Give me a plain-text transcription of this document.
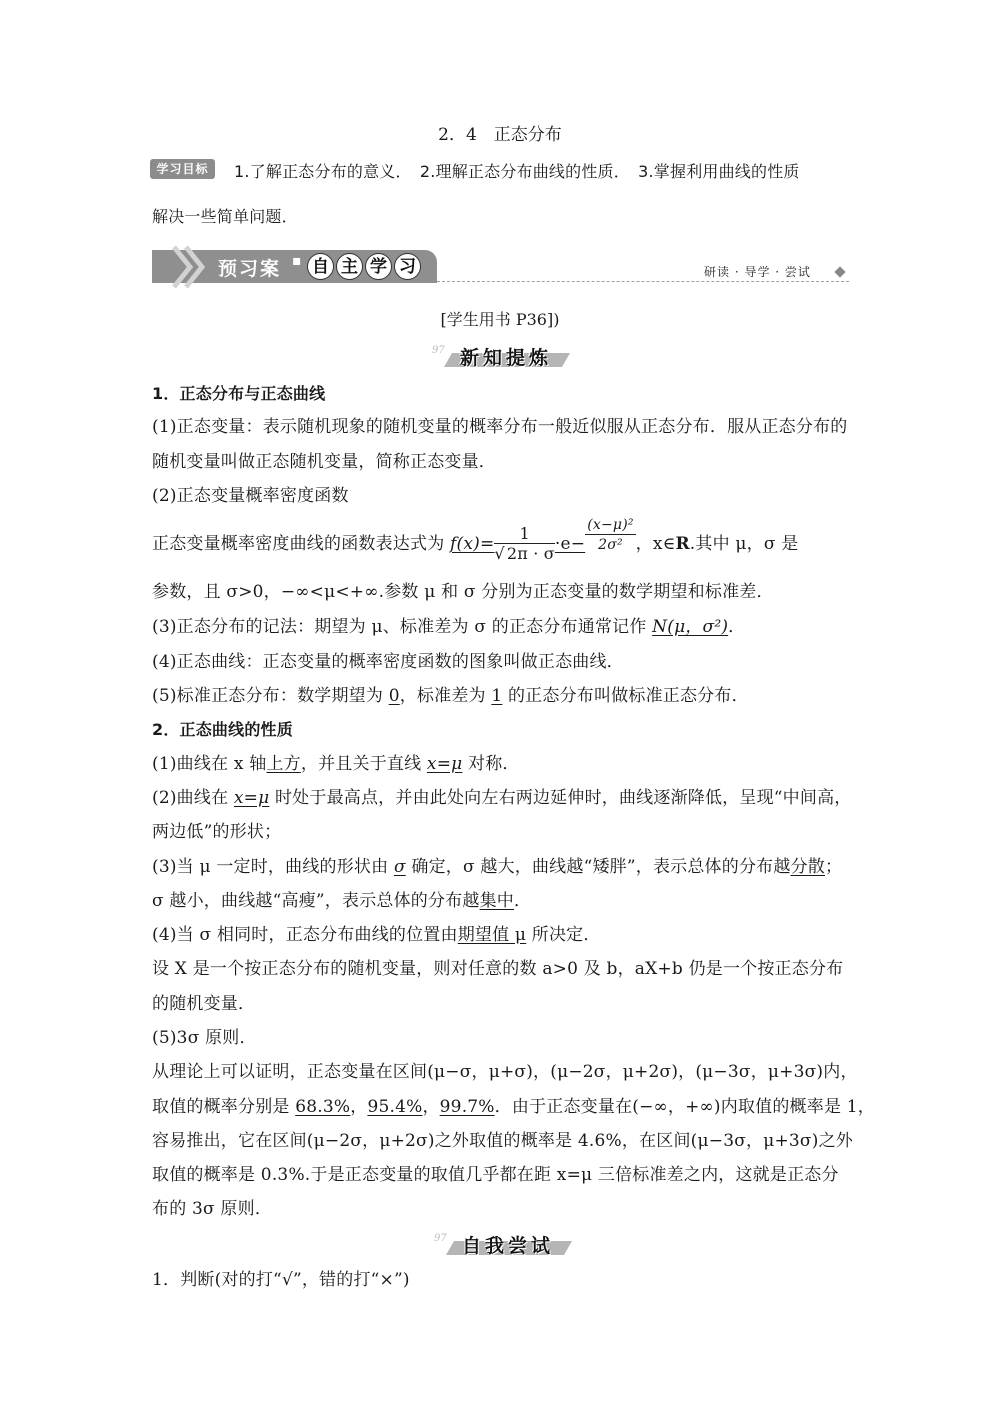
2．4　正态分布
学习目标	1.了解正态分布的意义．　2.理解正态分布曲线的性质．　3.掌握利用曲线的性质
解决一些简单问题．
预习案 ▪ 自 主 学 习	研读 · 导学 · 尝试
[学生用书 P36])
97 新知提炼
1．正态分布与正态曲线
(1)正态变量：表示随机现象的随机变量的概率分布一般近似服从正态分布．服从正态分布的
随机变量叫做正态随机变量，简称正态变量．
(2)正态变量概率密度函数
正态变量概率密度曲线的函数表达式为 $f(x)= \frac{1}{√ 2\pi \cdot \sigma} \cdot e- \frac{\text{(x−μ)²}}{\text{2σ²}}$ ，x∈R.其中 μ，σ 是
参数，且 σ>0，−∞<μ<+∞.参数 μ 和 σ 分别为正态变量的数学期望和标准差．
(3)正态分布的记法：期望为 μ、标准差为 σ 的正态分布通常记作 N(μ，σ²)．
(4)正态曲线：正态变量的概率密度函数的图象叫做正态曲线．
(5)标准正态分布：数学期望为 0，标准差为 1 的正态分布叫做标准正态分布．
2．正态曲线的性质
(1)曲线在 x 轴上方，并且关于直线 x=μ 对称．
(2)曲线在 x=μ 时处于最高点，并由此处向左右两边延伸时，曲线逐渐降低，呈现“中间高，
两边低”的形状；
(3)当 μ 一定时，曲线的形状由 σ 确定，σ 越大，曲线越“矮胖”，表示总体的分布越分散；
σ 越小，曲线越“高瘦”，表示总体的分布越集中．
(4)当 σ 相同时，正态分布曲线的位置由期望值 μ 所决定．
设 X 是一个按正态分布的随机变量，则对任意的数 a>0 及 b，aX+b 仍是一个按正态分布
的随机变量．
(5)3σ 原则．
从理论上可以证明，正态变量在区间(μ−σ，μ+σ)，(μ−2σ，μ+2σ)，(μ−3σ，μ+3σ)内，
取值的概率分别是 68.3%，95.4%，99.7%．由于正态变量在(−∞，+∞)内取值的概率是 1，
容易推出，它在区间(μ−2σ，μ+2σ)之外取值的概率是 4.6%，在区间(μ−3σ，μ+3σ)之外
取值的概率是 0.3%.于是正态变量的取值几乎都在距 x=μ 三倍标准差之内，这就是正态分
布的 3σ 原则．
97 自我尝试
1．判断(对的打“√”，错的打“×”)
